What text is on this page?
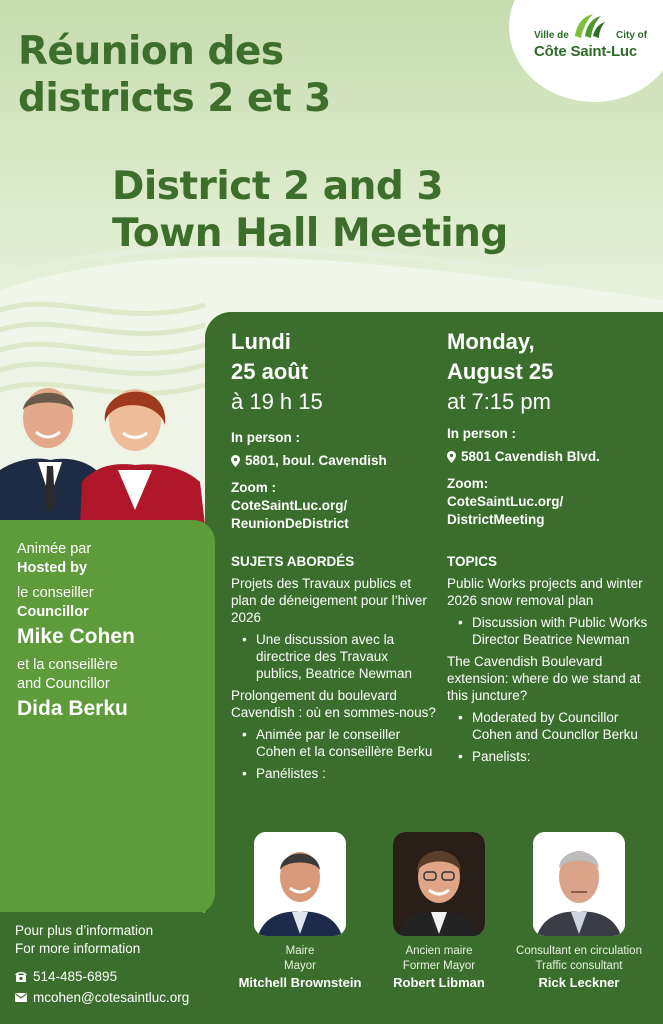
Ville de	City of
Côte Saint-Luc
Réunion des
districts 2 et 3
District 2 and 3
Town Hall Meeting
Animée par
Hosted by
le conseiller
Councillor
Mike Cohen
et la conseillère
and Councillor
Dida Berku
Pour plus d’information
For more information
514-485-6895
mcohen@cotesaintluc.org
Lundi
25 août
à 19 h 15
In person :
5801, boul. Cavendish
Zoom :
CoteSaintLuc.org/
ReunionDeDistrict
SUJETS ABORDÉS
Projets des Travaux publics et plan de déneigement pour l’hiver 2026
• Une discussion avec la directrice des Travaux publics, Beatrice Newman
Prolongement du boulevard Cavendish : où en sommes-nous?
• Animée par le conseiller Cohen et la conseillère Berku
• Panélistes :
Monday,
August 25
at 7:15 pm
In person :
5801 Cavendish Blvd.
Zoom:
CoteSaintLuc.org/
DistrictMeeting
TOPICS
Public Works projects and winter 2026 snow removal plan
• Discussion with Public Works Director Beatrice Newman
The Cavendish Boulevard extension: where do we stand at this juncture?
• Moderated by Councillor Cohen and Councllor Berku
• Panelists:
Maire
Mayor
Mitchell Brownstein
Ancien maire
Former Mayor
Robert Libman
Consultant en circulation
Traffic consultant
Rick Leckner
